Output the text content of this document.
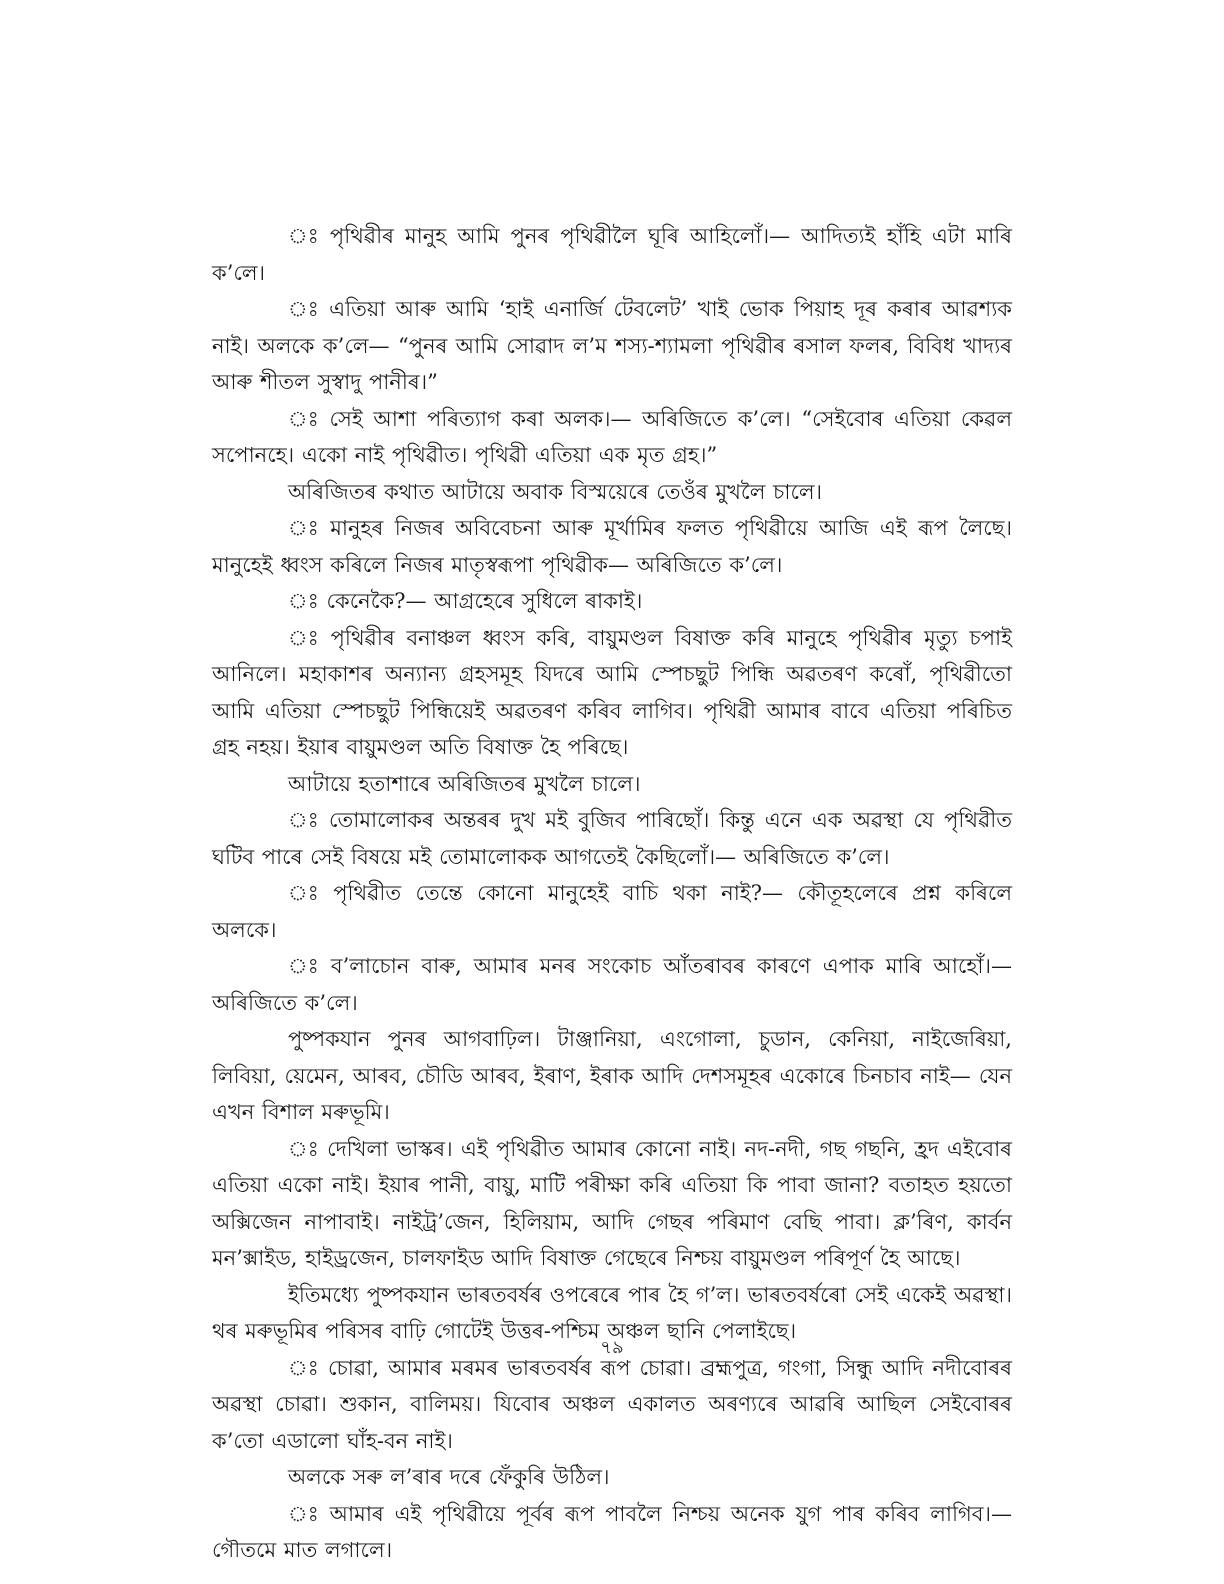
ঃ পৃথিৱীৰ মানুহ আমি পুনৰ পৃথিৱীলৈ ঘূৰি আহিলোঁ।— আদিত্যই হাঁহি এটা মাৰি ক’লে।

ঃ এতিয়া আৰু আমি ‘হাই এনাৰ্জি টেবলেট’ খাই ভোক পিয়াহ দূৰ কৰাৰ আৱশ্যক নাই। অলকে ক’লে— “পুনৰ আমি সোৱাদ ল’ম শস্য-শ্যামলা পৃথিৱীৰ ৰসাল ফলৰ, বিবিধ খাদ্যৰ আৰু শীতল সুস্বাদু পানীৰ।”

ঃ সেই আশা পৰিত্যাগ কৰা অলক।— অৰিজিতে ক’লে। “সেইবোৰ এতিয়া কেৱল সপোনহে। একো নাই পৃথিৱীত। পৃথিৱী এতিয়া এক মৃত গ্ৰহ।”

অৰিজিতৰ কথাত আটায়ে অবাক বিস্ময়েৰে তেওঁৰ মুখলৈ চালে।

ঃ মানুহৰ নিজৰ অবিবেচনা আৰু মূৰ্খামিৰ ফলত পৃথিৱীয়ে আজি এই ৰূপ লৈছে। মানুহেই ধ্বংস কৰিলে নিজৰ মাতৃস্বৰূপা পৃথিৱীক— অৰিজিতে ক’লে।

ঃ কেনেকৈ?— আগ্ৰহেৰে সুধিলে ৰাকাই।

ঃ পৃথিৱীৰ বনাঞ্চল ধ্বংস কৰি, বায়ুমণ্ডল বিষাক্ত কৰি মানুহে পৃথিৱীৰ মৃত্যু চপাই আনিলে। মহাকাশৰ অন্যান্য গ্ৰহসমূহ যিদৰে আমি স্পেচছুট পিন্ধি অৱতৰণ কৰোঁ, পৃথিৱীতো আমি এতিয়া স্পেচছুট পিন্ধিয়েই অৱতৰণ কৰিব লাগিব। পৃথিৱী আমাৰ বাবে এতিয়া পৰিচিত গ্ৰহ নহয়। ইয়াৰ বায়ুমণ্ডল অতি বিষাক্ত হৈ পৰিছে।

আটায়ে হতাশাৰে অৰিজিতৰ মুখলৈ চালে।

ঃ তোমালোকৰ অন্তৰৰ দুখ মই বুজিব পাৰিছোঁ। কিন্তু এনে এক অৱস্থা যে পৃথিৱীত ঘটিব পাৰে সেই বিষয়ে মই তোমালোকক আগতেই কৈছিলোঁ।— অৰিজিতে ক’লে।

ঃ পৃথিৱীত তেন্তে কোনো মানুহেই বাচি থকা নাই?— কৌতূহলেৰে প্ৰশ্ন কৰিলে অলকে।

ঃ ব’লাচোন বাৰু, আমাৰ মনৰ সংকোচ আঁতৰাবৰ কাৰণে এপাক মাৰি আহোঁ।— অৰিজিতে ক’লে।

পুষ্পকযান পুনৰ আগবাঢ়িল। টাঞ্জানিয়া, এংগোলা, চুডান, কেনিয়া, নাইজেৰিয়া, লিবিয়া, য়েমেন, আৰব, চৌডি আৰব, ইৰাণ, ইৰাক আদি দেশসমূহৰ একোৰে চিনচাব নাই— যেন এখন বিশাল মৰুভূমি।

ঃ দেখিলা ভাস্কৰ। এই পৃথিৱীত আমাৰ কোনো নাই। নদ-নদী, গছ গছনি, হ্ৰদ এইবোৰ এতিয়া একো নাই। ইয়াৰ পানী, বায়ু, মাটি পৰীক্ষা কৰি এতিয়া কি পাবা জানা? বতাহত হয়তো অক্সিজেন নাপাবাই। নাইট্ৰ’জেন, হিলিয়াম, আদি গেছৰ পৰিমাণ বেছি পাবা। ক্ল’ৰিণ, কাৰ্বন মন’ক্সাইড, হাইড্ৰজেন, চালফাইড আদি বিষাক্ত গেছেৰে নিশ্চয় বায়ুমণ্ডল পৰিপূৰ্ণ হৈ আছে।

ইতিমধ্যে পুষ্পকযান ভাৰতবৰ্ষৰ ওপৰেৰে পাৰ হৈ গ’ল। ভাৰতবৰ্ষৰো সেই একেই অৱস্থা। থৰ মৰুভূমিৰ পৰিসৰ বাঢ়ি গোটেই উত্তৰ-পশ্চিম অঞ্চল ছানি পেলাইছে।

ঃ চোৱা, আমাৰ মৰমৰ ভাৰতবৰ্ষৰ ৰূপ চোৱা। ব্ৰহ্মপুত্ৰ, গংগা, সিন্ধু আদি নদীবোৰৰ অৱস্থা চোৱা। শুকান, বালিময়। যিবোৰ অঞ্চল একালত অৰণ্যৰে আৱৰি আছিল সেইবোৰৰ ক’তো এডালো ঘাঁহ-বন নাই।

অলকে সৰু ল’ৰাৰ দৰে ফেঁকুৰি উঠিল।

ঃ আমাৰ এই পৃথিৱীয়ে পূৰ্বৰ ৰূপ পাবলৈ নিশ্চয় অনেক যুগ পাৰ কৰিব লাগিব।— গৌতমে মাত লগালে।

৭৯
